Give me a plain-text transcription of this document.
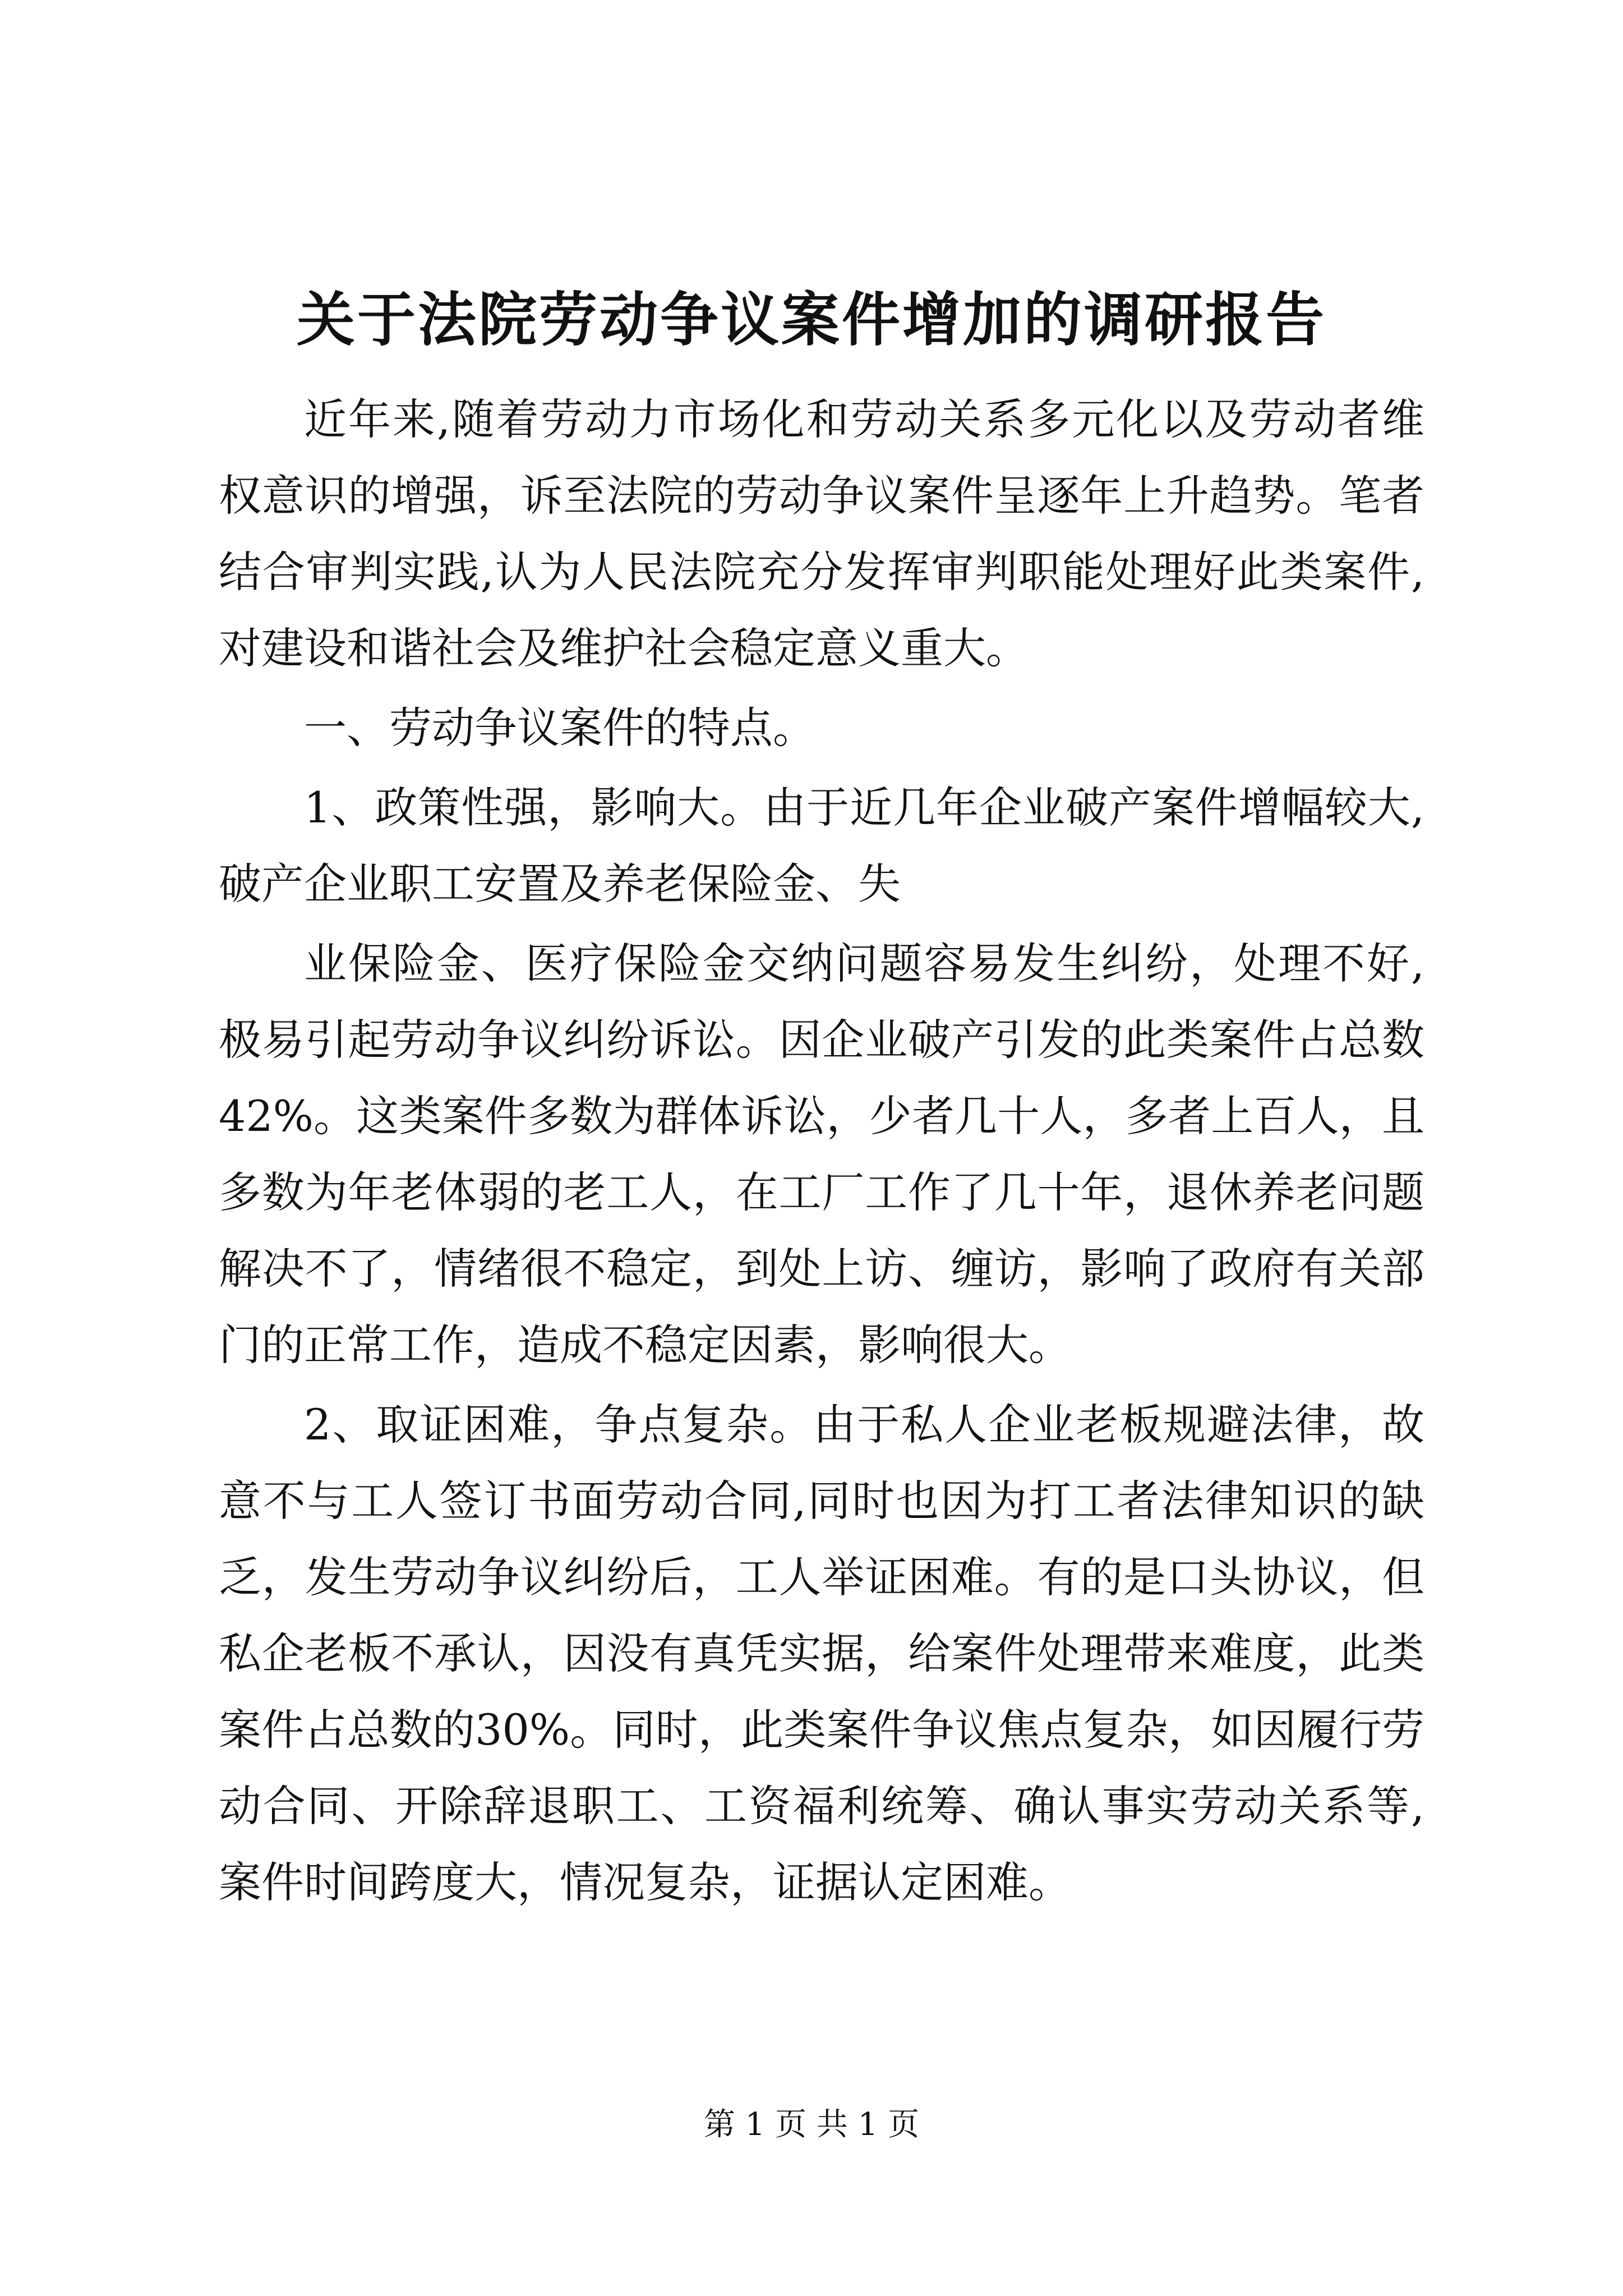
关于法院劳动争议案件增加的调研报告

近年来,随着劳动力市场化和劳动关系多元化以及劳动者维权意识的增强，诉至法院的劳动争议案件呈逐年上升趋势。笔者结合审判实践,认为人民法院充分发挥审判职能处理好此类案件,对建设和谐社会及维护社会稳定意义重大。

一、劳动争议案件的特点。

1、政策性强，影响大。由于近几年企业破产案件增幅较大,破产企业职工安置及养老保险金、失

业保险金、医疗保险金交纳问题容易发生纠纷，处理不好,极易引起劳动争议纠纷诉讼。因企业破产引发的此类案件占总数42%。这类案件多数为群体诉讼，少者几十人，多者上百人，且多数为年老体弱的老工人，在工厂工作了几十年，退休养老问题解决不了，情绪很不稳定，到处上访、缠访，影响了政府有关部门的正常工作，造成不稳定因素，影响很大。

2、取证困难，争点复杂。由于私人企业老板规避法律，故意不与工人签订书面劳动合同,同时也因为打工者法律知识的缺乏，发生劳动争议纠纷后，工人举证困难。有的是口头协议，但私企老板不承认，因没有真凭实据，给案件处理带来难度，此类案件占总数的30%。同时，此类案件争议焦点复杂，如因履行劳动合同、开除辞退职工、工资福利统筹、确认事实劳动关系等,案件时间跨度大，情况复杂，证据认定困难。

第 1 页 共 1 页
